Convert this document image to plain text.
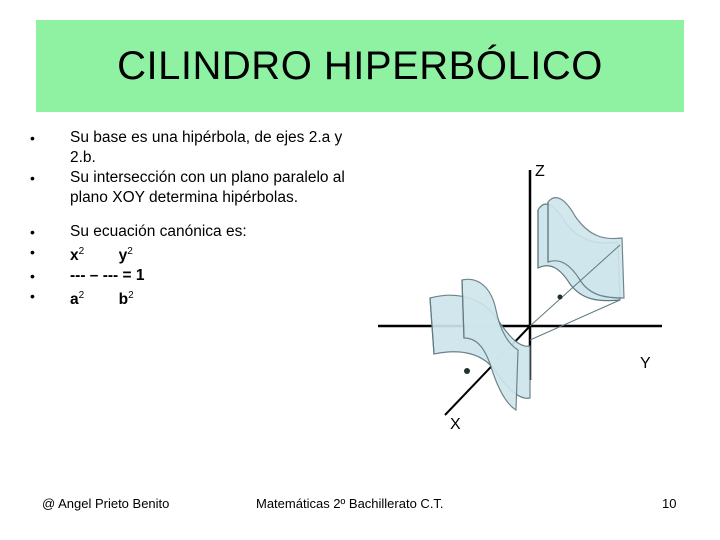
CILINDRO HIPERBÓLICO
•	Su base es una hipérbola, de ejes 2.a y 2.b.
•	Su intersección con un plano paralelo al plano XOY determina hipérbolas.
•	Su ecuación canónica es:
•	$x^2$ $y^2$
•	--- – --- = 1
•	$a^2$ $b^2$
Z
Y
X
@ Angel Prieto Benito	Matemáticas 2º Bachillerato C.T.	10
